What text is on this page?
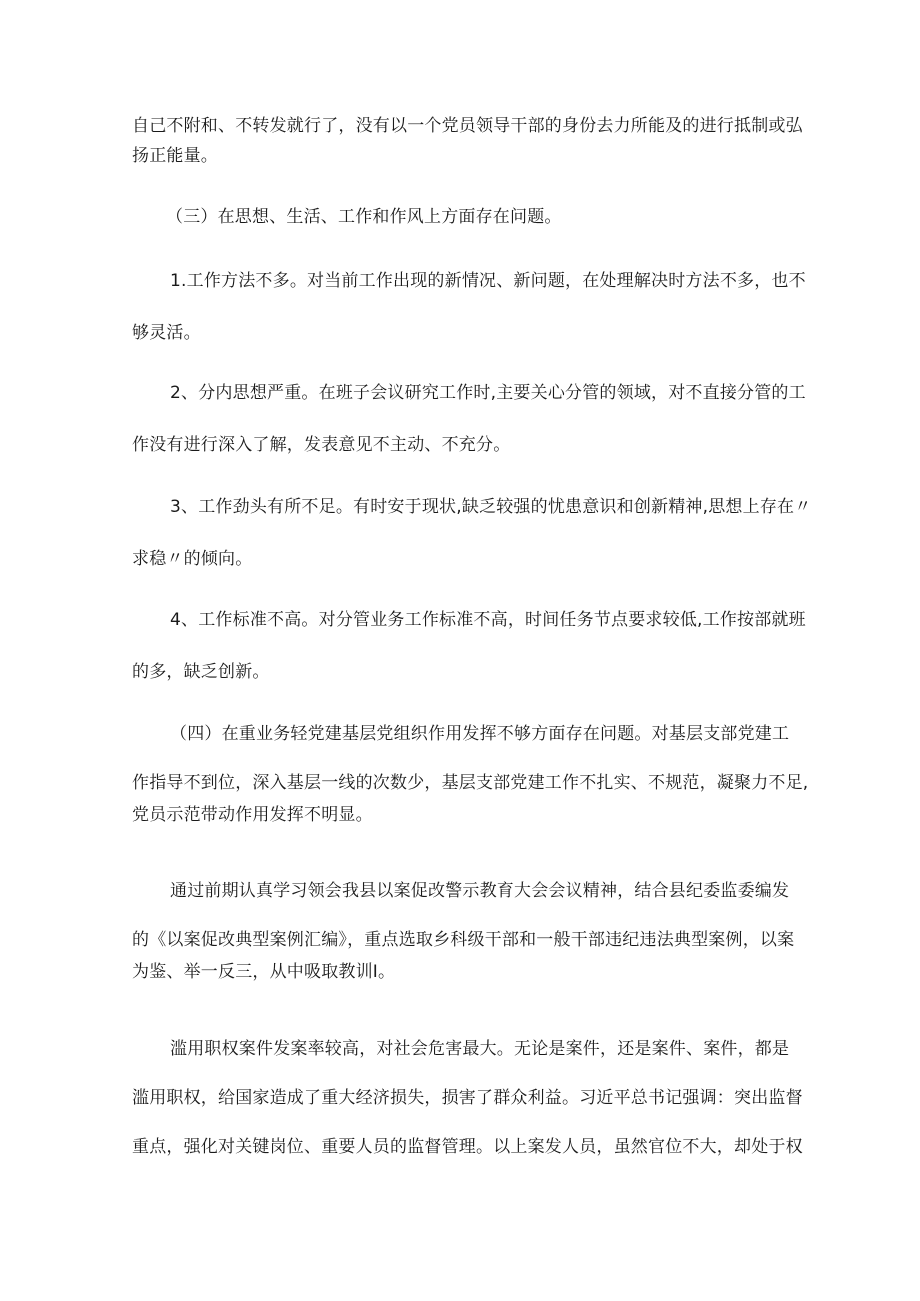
自己不附和、不转发就行了，没有以一个党员领导干部的身份去力所能及的进行抵制或弘
扬正能量。

（三）在思想、生活、工作和作风上方面存在问题。

1.工作方法不多。对当前工作出现的新情况、新问题，在处理解决时方法不多，也不
够灵活。

2、分内思想严重。在班子会议研究工作时,主要关心分管的领域，对不直接分管的工
作没有进行深入了解，发表意见不主动、不充分。

3、工作劲头有所不足。有时安于现状,缺乏较强的忧患意识和创新精神,思想上存在〃
求稳〃的倾向。

4、工作标准不高。对分管业务工作标准不高，时间任务节点要求较低,工作按部就班
的多，缺乏创新。

（四）在重业务轻党建基层党组织作用发挥不够方面存在问题。对基层支部党建工
作指导不到位，深入基层一线的次数少，基层支部党建工作不扎实、不规范，凝聚力不足,
党员示范带动作用发挥不明显。

通过前期认真学习领会我县以案促改警示教育大会会议精神，结合县纪委监委编发
的《以案促改典型案例汇编》，重点选取乡科级干部和一般干部违纪违法典型案例，以案
为鉴、举一反三，从中吸取教训I。

滥用职权案件发案率较高，对社会危害最大。无论是案件，还是案件、案件，都是
滥用职权，给国家造成了重大经济损失，损害了群众利益。习近平总书记强调：突出监督
重点，强化对关键岗位、重要人员的监督管理。以上案发人员，虽然官位不大，却处于权
